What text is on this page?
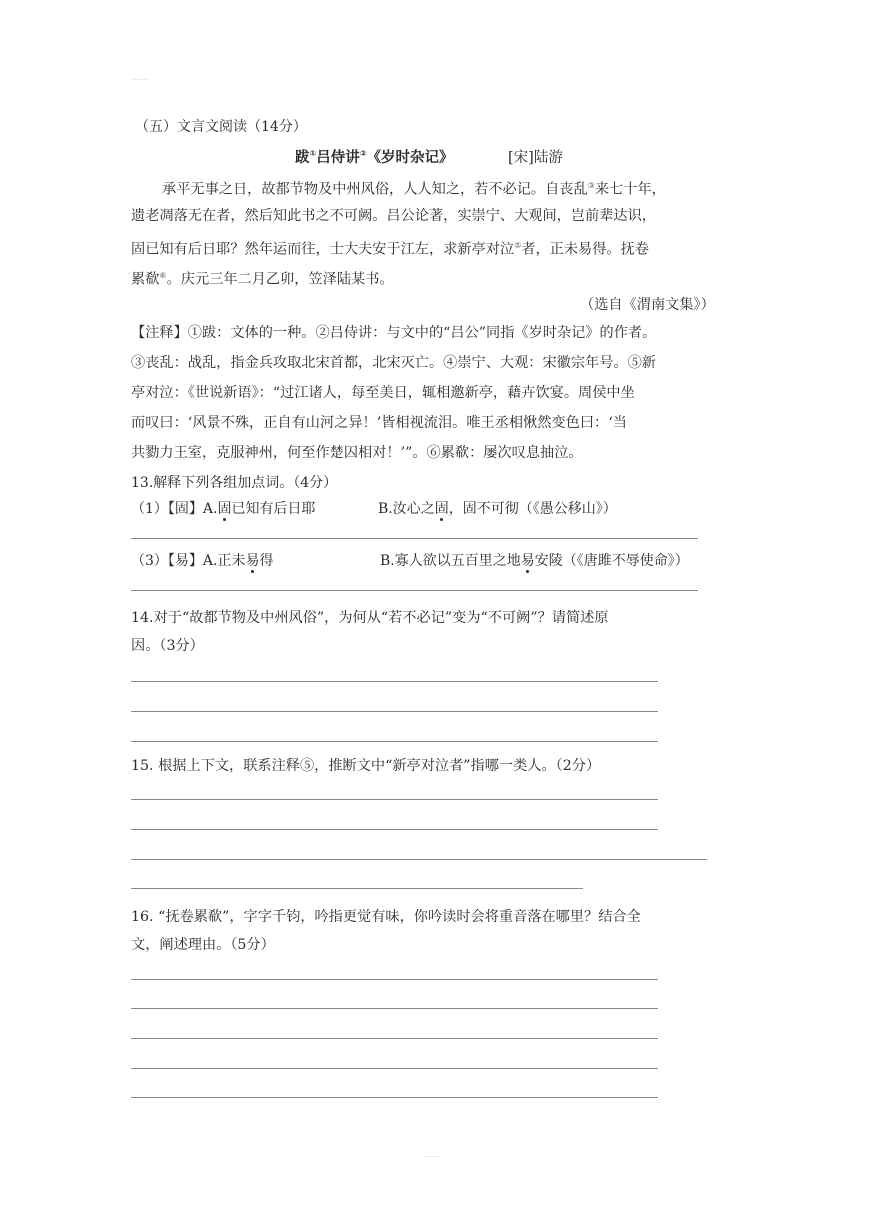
（五）文言文阅读（14分）
跋①吕侍讲②《岁时杂记》	[宋]陆游
承平无事之日，故都节物及中州风俗，人人知之，若不必记。自丧乱③来七十年，
遗老凋落无在者，然后知此书之不可阙。吕公论著，实崇宁、大观间，岂前辈达识，
固已知有后日耶？然年运而往，士大夫安于江左，求新亭对泣⑤者，正未易得。抚卷
累欷⑥。庆元三年二月乙卯，笠泽陆某书。
（选自《渭南文集》）
【注释】①跋：文体的一种。②吕侍讲：与文中的“吕公”同指《岁时杂记》的作者。
③丧乱：战乱，指金兵攻取北宋首都，北宋灭亡。④崇宁、大观：宋徽宗年号。⑤新
亭对泣：《世说新语》：“过江诸人，每至美日，辄相邀新亭，藉卉饮宴。周侯中坐
而叹曰：‘风景不殊，正自有山河之异！’皆相视流泪。唯王丞相愀然变色曰：‘当
共勠力王室，克服神州，何至作楚囚相对！’”。⑥累欷：屡次叹息抽泣。
13.解释下列各组加点词。（4分）
（1）【固】A.固已知有后日耶	B.汝心之固，固不可彻（《愚公移山》）
（3）【易】A.正未易得	B.寡人欲以五百里之地易安陵（《唐雎不辱使命》）
14.对于“故都节物及中州风俗”，为何从“若不必记”变为“不可阙”？请简述原
因。（3分）
15. 根据上下文，联系注释⑤，推断文中“新亭对泣者”指哪一类人。（2分）
16. “抚卷累欷”，字字千钧，吟指更觉有味，你吟读时会将重音落在哪里？结合全
文，阐述理由。（5分）
